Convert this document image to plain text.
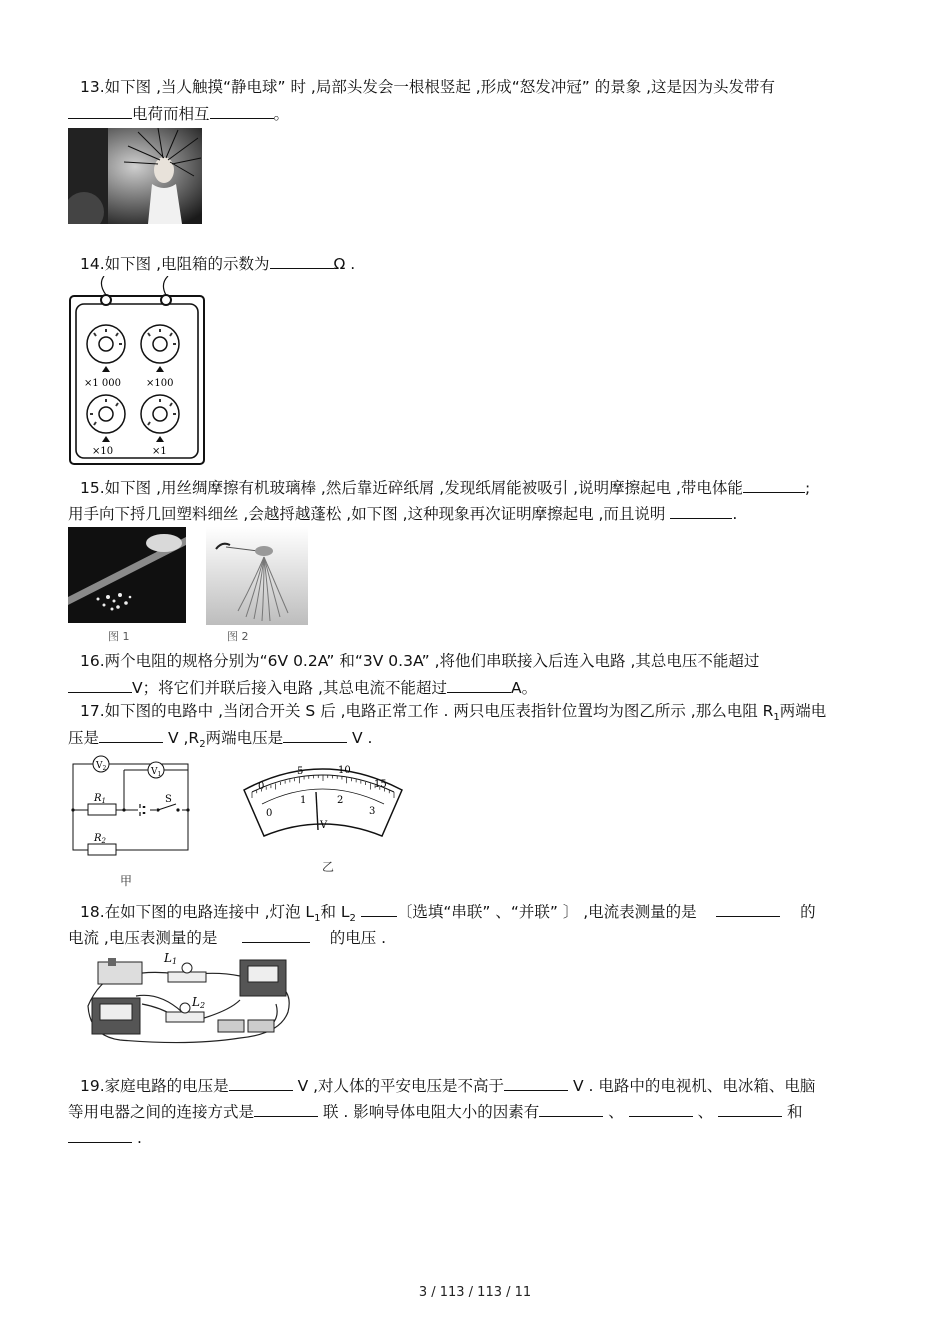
13.如下图 ,当人触摸“静电球” 时 ,局部头发会一根根竖起 ,形成“怒发冲冠” 的景象 ,这是因为头发带有
电荷而相互	。
14.如下图 ,电阻箱的示数为	Ω .
×1 000 ×100
×10	×1
15.如下图 ,用丝绸摩擦有机玻璃棒 ,然后靠近碎纸屑 ,发现纸屑能被吸引 ,说明摩擦起电 ,带电体能	;
用手向下捋几回塑料细丝 ,会越捋越蓬松 ,如下图 ,这种现象再次证明摩擦起电 ,而且说明	.
图 1	图 2
16.两个电阻的规格分别为“6V 0.2A” 和“3V 0.3A” ,将他们串联接入后连入电路 ,其总电压不能超过
V；将它们并联后接入电路 ,其总电流不能超过	A。
17.如下图的电路中 ,当闭合开关 S 后 ,电路正常工作 . 两只电压表指针位置均为图乙所示 ,那么电阻 $R_1$两端电
压是	V $,R_2$两端电压是	V .
$V_2$	$V_1$
$R_1$
$R_2$
S
甲
0
5	10
15
0
1	2
3
V
乙
18.在如下图的电路连接中 ,灯泡 $L_1$和 $L_2$	〔选填“串联” 、“并联” 〕 ,电流表测量的是	的
电流 ,电压表测量的是	的电压 .
L1
L2
19.家庭电路的电压是	V ,对人体的平安电压是不高于	V . 电路中的电视机、电冰箱、电脑
等用电器之间的连接方式是	联 . 影响导体电阻大小的因素有	、	、	和
.
3 / 113 / 113 / 11
